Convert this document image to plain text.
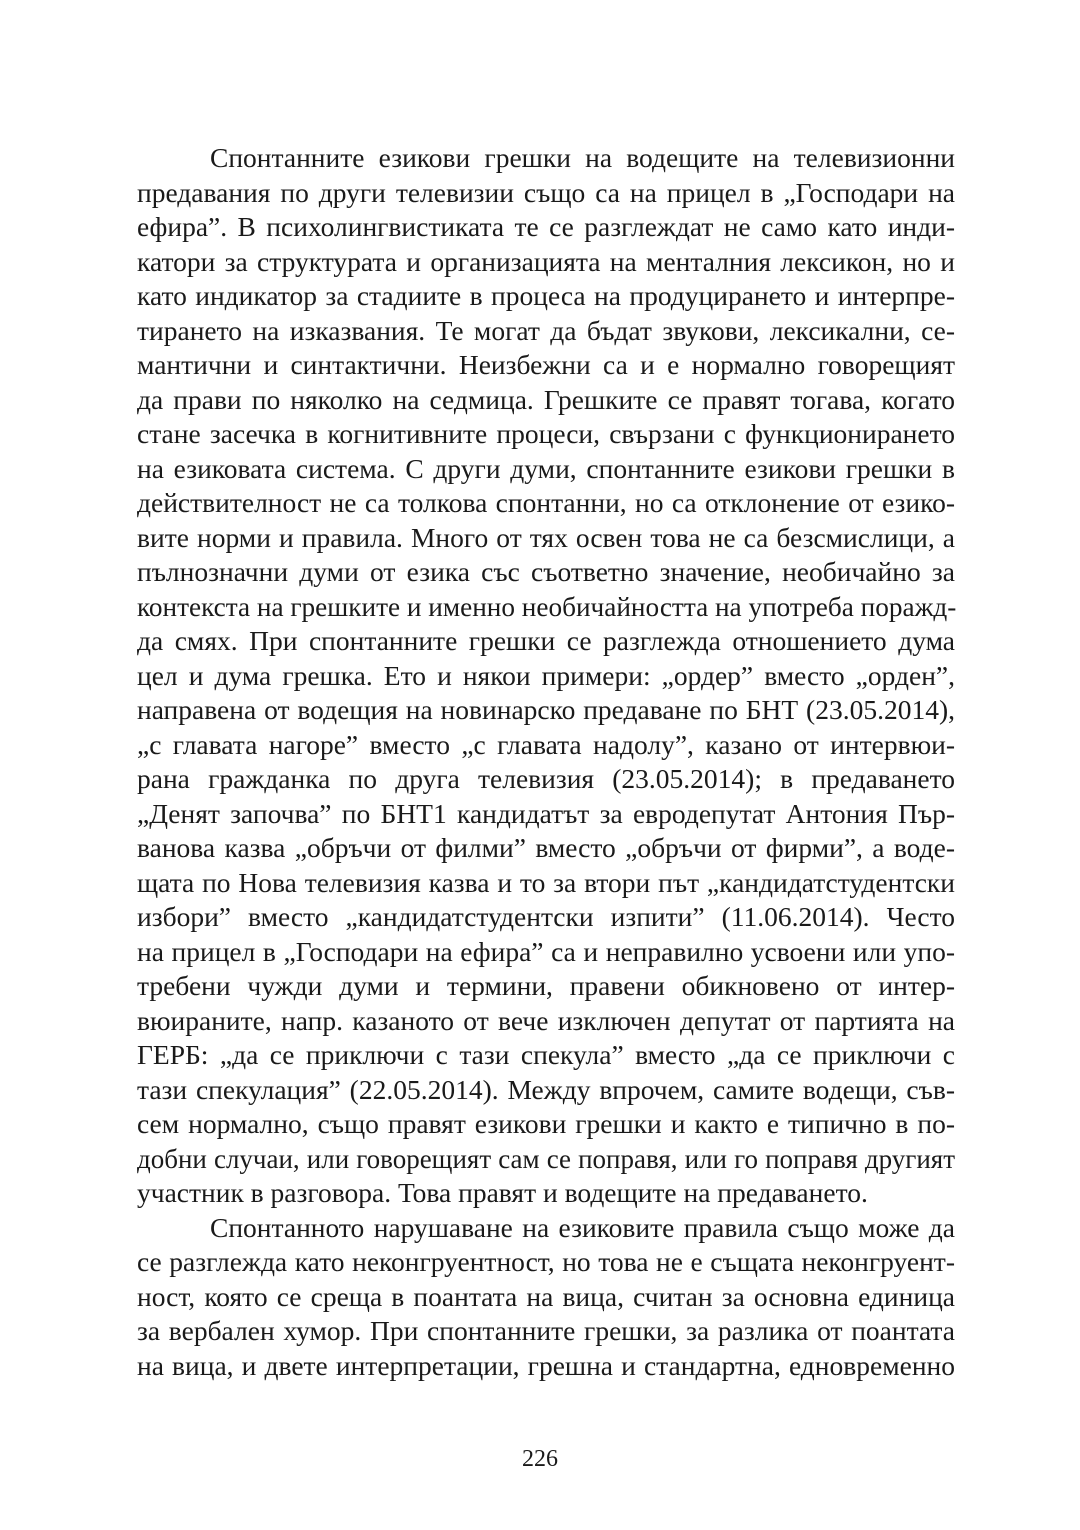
Спонтанните езикови грешки на водещите на телевизионни
предавания по други телевизии също са на прицел в „Господари на
ефира”. В психолингвистиката те се разглеждат не само като инди-
катори за структурата и организацията на менталния лексикон, но и
като индикатор за стадиите в процеса на продуцирането и интерпре-
тирането на изказвания. Те могат да бъдат звукови, лексикални, се-
мантични и синтактични. Неизбежни са и е нормално говорещият
да прави по няколко на седмица. Грешките се правят тогава, когато
стане засечка в когнитивните процеси, свързани с функционирането
на езиковата система. С други думи, спонтанните езикови грешки в
действителност не са толкова спонтанни, но са отклонение от езико-
вите норми и правила. Много от тях освен това не са безсмислици, а
пълнозначни думи от езика със съответно значение, необичайно за
контекста на грешките и именно необичайността на употреба поражд-
да смях. При спонтанните грешки се разглежда отношението дума
цел и дума грешка. Ето и някои примери: „ордер” вместо „орден”,
направена от водещия на новинарско предаване по БНТ (23.05.2014),
„с главата нагоре” вместо „с главата надолу”, казано от интервюи-
рана гражданка по друга телевизия (23.05.2014); в предаването
„Денят започва” по БНТ1 кандидатът за евродепутат Антония Пър-
ванова казва „обръчи от филми” вместо „обръчи от фирми”, а воде-
щата по Нова телевизия казва и то за втори път „кандидатстудентски
избори” вместо „кандидатстудентски изпити” (11.06.2014). Често
на прицел в „Господари на ефира” са и неправилно усвоени или упо-
требени чужди думи и термини, правени обикновено от интер-
вюираните, напр. казаното от вече изключен депутат от партията на
ГЕРБ: „да се приключи с тази спекула” вместо „да се приключи с
тази спекулация” (22.05.2014). Между впрочем, самите водещи, съв-
сем нормално, също правят езикови грешки и както е типично в по-
добни случаи, или говорещият сам се поправя, или го поправя другият
участник в разговора. Това правят и водещите на предаването.
Спонтанното нарушаване на езиковите правила също може да
се разглежда като неконгруентност, но това не е същата неконгруент-
ност, която се среща в поантата на вица, считан за основна единица
за вербален хумор. При спонтанните грешки, за разлика от поантата
на вица, и двете интерпретации, грешна и стандартна, едновременно
226
